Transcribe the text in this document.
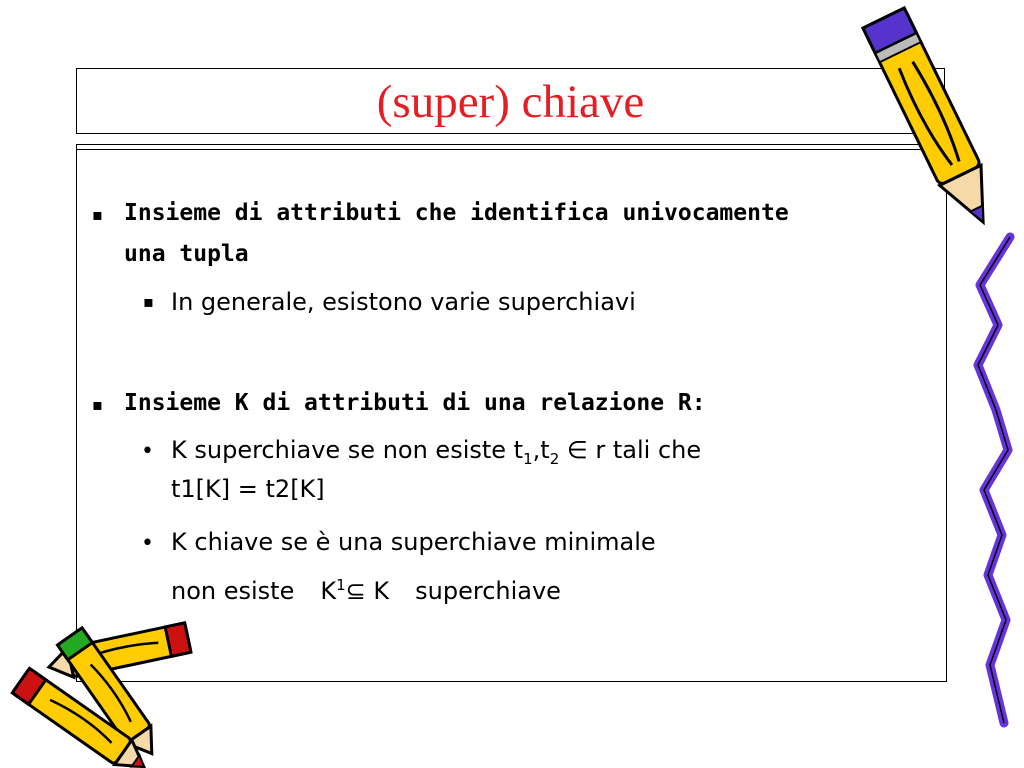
(super) chiave
▪ Insieme di attributi che identifica univocamente
una tupla
▪ In generale, esistono varie superchiavi
▪ Insieme K di attributi di una relazione R:
• K superchiave se non esiste $t_1,t_2$ ∈ r tali che
t1[K] = t2[K]
• K chiave se è una superchiave minimale
non esiste $K^1⊆$ K superchiave
